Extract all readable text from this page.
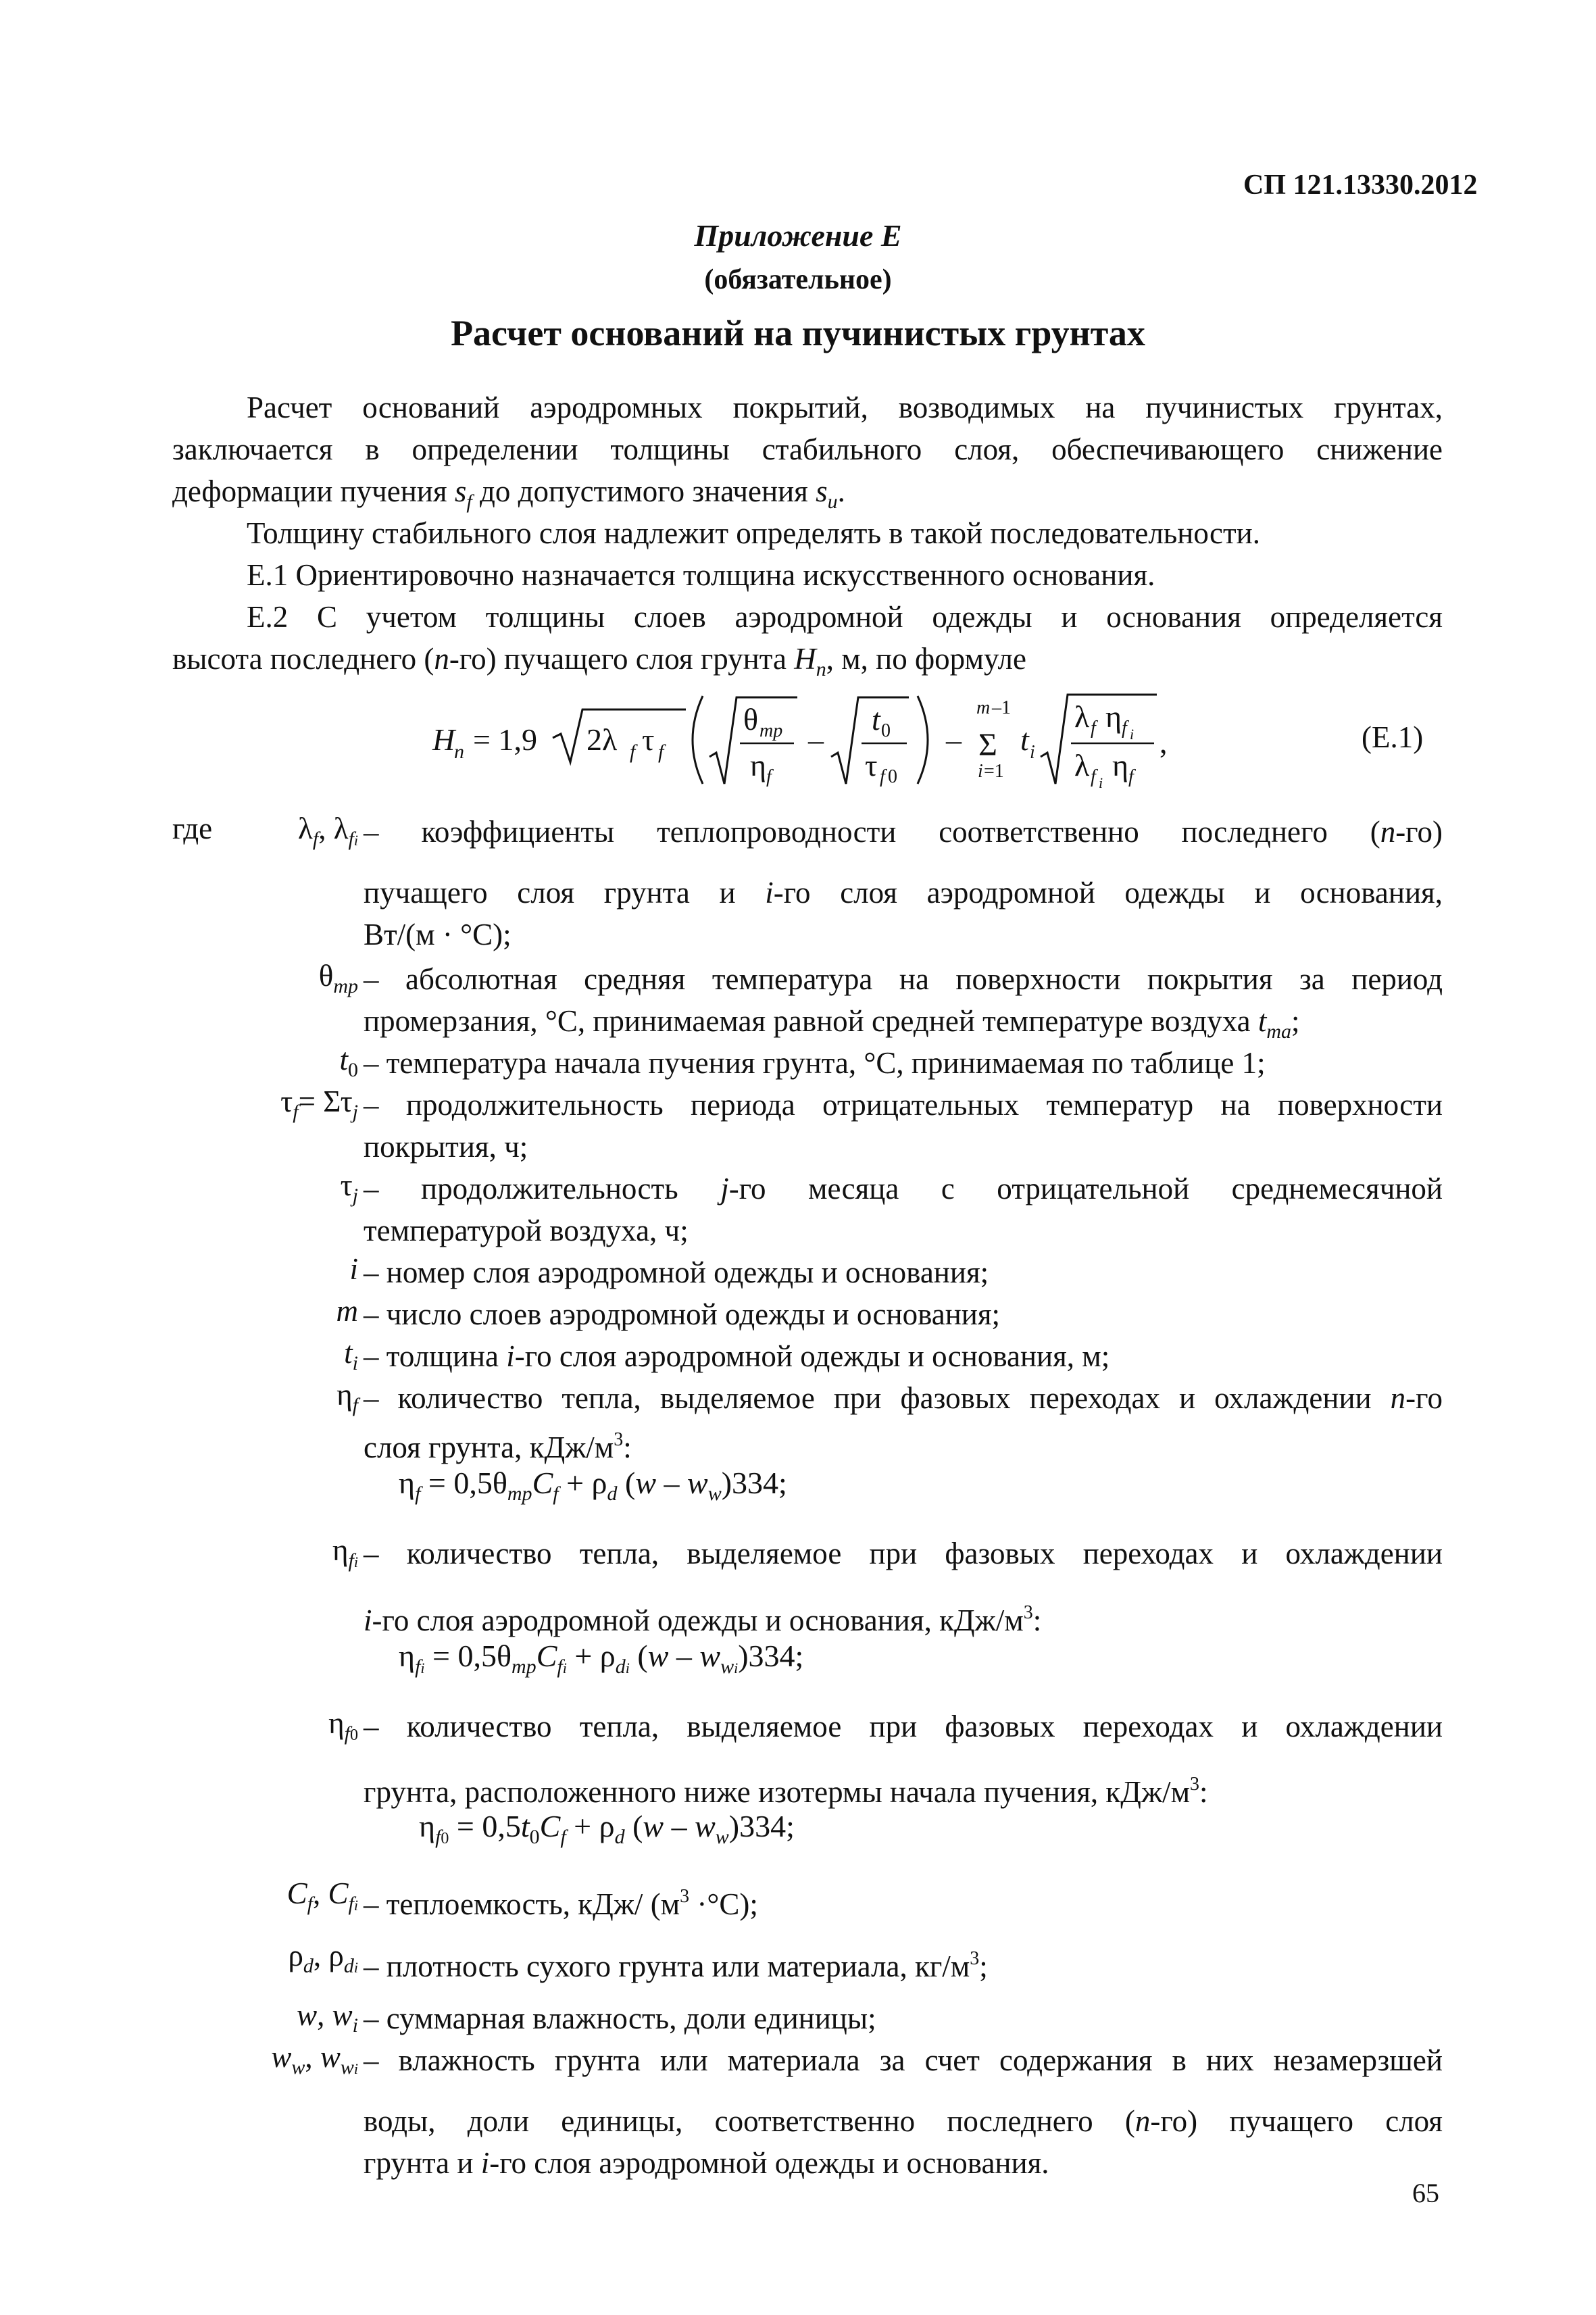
СП 121.13330.2012
Приложение Е
(обязательное)
Расчет оснований на пучинистых грунтах
Расчет оснований аэродромных покрытий, возводимых на пучинистых грунтах,
заключается в определении толщины стабильного слоя, обеспечивающего снижение
деформации пучения $s_f$ до допустимого значения $s_u$.
Толщину стабильного слоя надлежит определять в такой последовательности.
Е.1 Ориентировочно назначается толщина искусственного основания.
Е.2 С учетом толщины слоев аэродромной одежды и основания определяется
высота последнего (n-го) пучащего слоя грунта $H_n$, м, по формуле
H
n = 1,9 2λ f τ f
θ mp
η f
–
t 0
τ f 0
–
m –1
Σ
i =1
t i
λ f η f i
λ f i
η f
,	(Е.1)
где	$\lambda_f$, $\lambda_{fi}$ – коэффициенты теплопроводности соответственно последнего (n-го)
пучащего слоя грунта и i-го слоя аэродромной одежды и основания,
Вт/(м · °С);
$\theta_{mp}$ – абсолютная средняя температура на поверхности покрытия за период
промерзания, °С, принимаемая равной средней температуре воздуха $t_{ma}$;
$t_0$ – температура начала пучения грунта, °С, принимаемая по таблице 1;
$\tau_f= \Sigma\tau_j$ – продолжительность периода отрицательных температур на поверхности
покрытия, ч;
$\tau_j$ – продолжительность j-го месяца с отрицательной среднемесячной
температурой воздуха, ч;
i – номер слоя аэродромной одежды и основания;
m – число слоев аэродромной одежды и основания;
$t_i$ – толщина i-го слоя аэродромной одежды и основания, м;
$\eta_f$ – количество тепла, выделяемое при фазовых переходах и охлаждении n-го
слоя грунта, кДж/$м^3$:
$\eta_f = 0,5\theta_{mp}C_f + \rho_d$ $(w - w_w)334$;
$\eta_{fi}$ – количество тепла, выделяемое при фазовых переходах и охлаждении
i-го слоя аэродромной одежды и основания, кДж/$м^3$:
$\eta_{fi} = 0,5\theta_{mp}C_{fi} + \rho_{di}$ $(w - w_{wi})334$;
$\eta_{f0}$ – количество тепла, выделяемое при фазовых переходах и охлаждении
грунта, расположенного ниже изотермы начала пучения, кДж/$м^3$:
$\eta_{f0} = 0,5t_0C_f + \rho_d$ $(w - w_w)334$;
$C_f$, $C_{fi}$ – теплоемкость, кДж/ $(м^3 \cdot^\circ С)$;
$\rho_d$, $\rho_{di}$ – плотность сухого грунта или материала, $кг/м^3$;
w, $w_i$ – суммарная влажность, доли единицы;
$w_w$, $w_{wi}$ – влажность грунта или материала за счет содержания в них незамерзшей
воды, доли единицы, соответственно последнего (n-го) пучащего слоя
грунта и i-го слоя аэродромной одежды и основания.
65
